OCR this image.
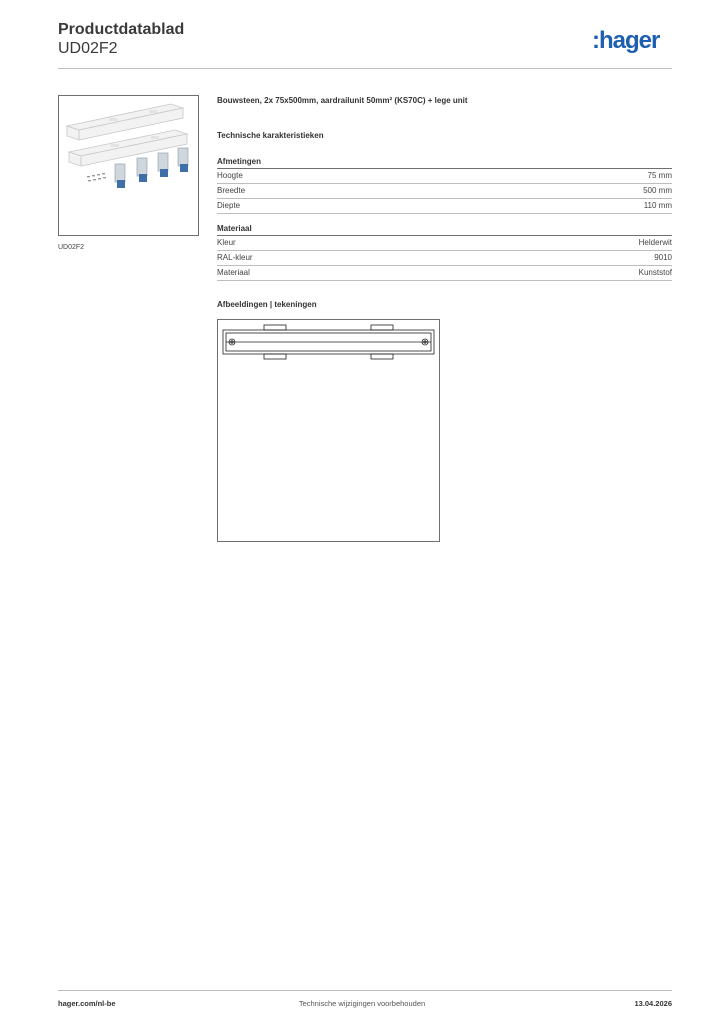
Productdatablad
UD02F2	:hager
UD02F2
Bouwsteen, 2x 75x500mm, aardrailunit 50mm² (KS70C) + lege unit
Technische karakteristieken
Afmetingen
Hoogte	75 mm
Breedte	500 mm
Diepte	110 mm
Materiaal
Kleur	Helderwit
RAL-kleur	9010
Materiaal	Kunststof
Afbeeldingen | tekeningen
hager.com/nl-be	Technische wijzigingen voorbehouden	13.04.2026
